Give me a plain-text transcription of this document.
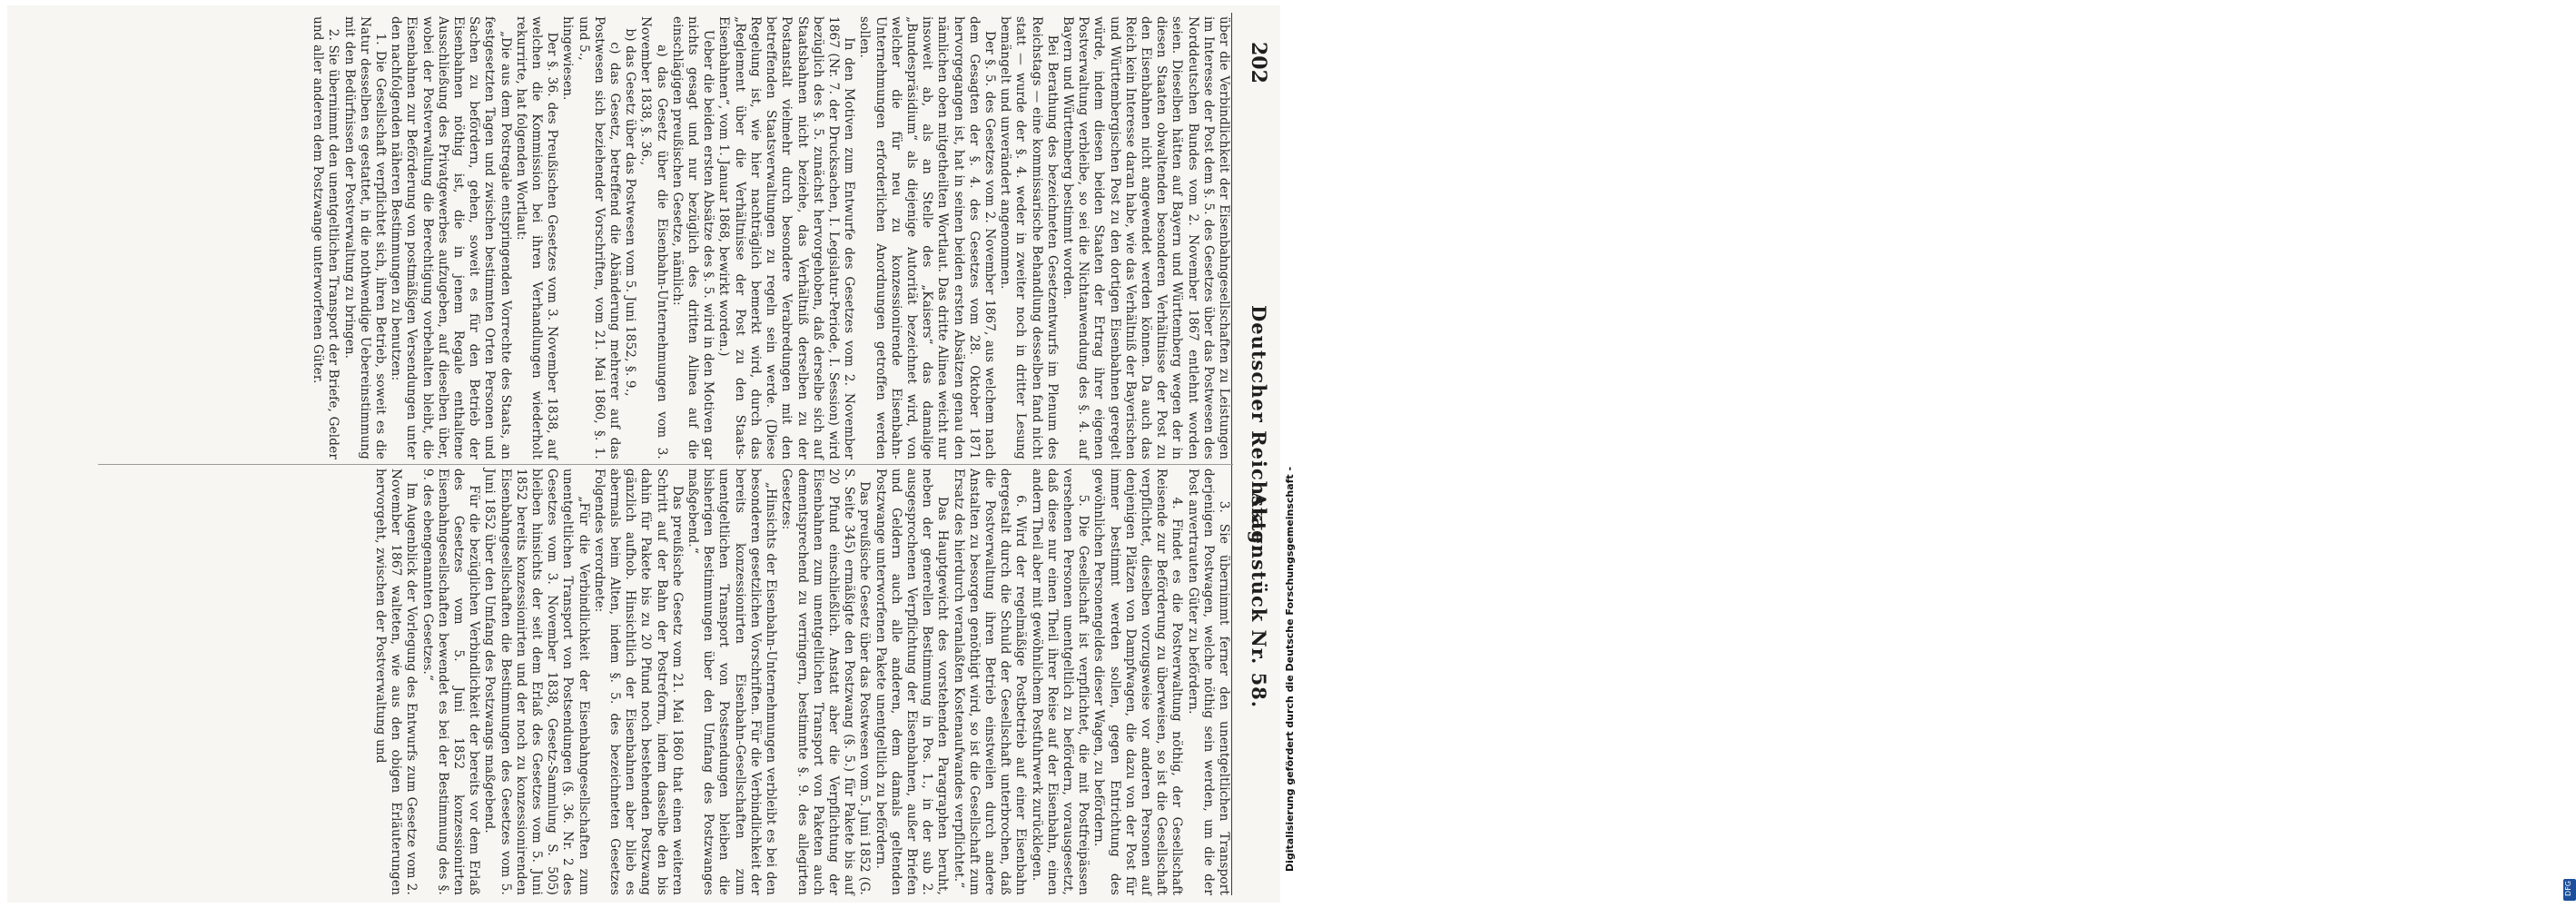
202
Deutscher Reichstag.
Aktenstück Nr. 58.
über die Verbindlichkeit der Eisenbahngesellschaften zu Leistungen im Interesse der Post dem §. 5. des Gesetzes über das Postwesen des Norddeutschen Bundes vom 2. November 1867 entlehnt worden seien. Dieselben hätten auf Bayern und Württemberg wegen der in diesen Staaten obwaltenden besonderen Verhältnisse der Post zu den Eisenbahnen nicht angewendet werden können. Da auch das Reich kein Interesse daran habe, wie das Verhältniß der Bayerischen und Württembergischen Post zu den dortigen Eisenbahnen geregelt würde, indem diesen beiden Staaten der Ertrag ihrer eigenen Postverwaltung verbleibe, so sei die Nichtanwendung des §. 4. auf Bayern und Württemberg bestimmt worden.
Bei Berathung des bezeichneten Gesetzentwurfs im Plenum des Reichstags — eine kommissarische Behandlung desselben fand nicht statt — wurde der §. 4. weder in zweiter noch in dritter Lesung bemängelt und unverändert angenommen.
Der §. 5. des Gesetzes vom 2. November 1867, aus welchem nach dem Gesagten der §. 4. des Gesetzes vom 28. Oktober 1871 hervorgegangen ist, hat in seinen beiden ersten Absätzen genau den nämlichen oben mitgetheilten Wortlaut. Das dritte Alinea weicht nur insoweit ab, als an Stelle des „Kaisers“ das damalige „Bundespräsidium“ als diejenige Autorität bezeichnet wird, von welcher die für neu zu konzessionirende Eisenbahn-Unternehmungen erforderlichen Anordnungen getroffen werden sollen.
In den Motiven zum Entwurfe des Gesetzes vom 2. November 1867 (Nr. 7. der Drucksachen, I. Legislatur-Periode, I. Session) wird bezüglich des §. 5. zunächst hervorgehoben, daß derselbe sich auf Staatsbahnen nicht beziehe, das Verhältniß derselben zu der Postanstalt vielmehr durch besondere Verabredungen mit den betreffenden Staatsverwaltungen zu regeln sein werde. (Diese Regelung ist, wie hier nachträglich bemerkt wird, durch das „Reglement über die Verhältnisse der Post zu den Staats-Eisenbahnen“, vom 1. Januar 1868, bewirkt worden.)
Ueber die beiden ersten Absätze des §. 5. wird in den Motiven gar nichts gesagt und nur bezüglich des dritten Alinea auf die einschlägigen preußischen Gesetze, nämlich:
a) das Gesetz über die Eisenbahn-Unternehmungen vom 3. November 1838, §. 36.,
b) das Gesetz über das Postwesen vom 5. Juni 1852, §. 9.,
c) das Gesetz, betreffend die Abänderung mehrerer auf das Postwesen sich beziehender Vorschriften, vom 21. Mai 1860, §. 1. und 5.,
hingewiesen.
Der §. 36. des Preußischen Gesetzes vom 3. November 1838, auf welchen die Kommission bei ihren Verhandlungen wiederholt rekurrirte, hat folgenden Wortlaut:
„Die aus dem Postregale entspringenden Vorrechte des Staats, an festgesetzten Tagen und zwischen bestimmten Orten Personen und Sachen zu befördern, gehen, soweit es für den Betrieb der Eisenbahnen nöthig ist, die in jenem Regale enthaltene Ausschließung des Privatgewerbes aufzugeben, auf dieselben über, wobei der Postverwaltung die Berechtigung vorbehalten bleibt, die Eisenbahnen zur Beförderung von postmäßigen Versendungen unter den nachfolgenden näheren Bestimmungen zu benutzen:
1. Die Gesellschaft verpflichtet sich, ihren Betrieb, soweit es die Natur desselben es gestattet, in die nothwendige Uebereinstimmung mit den Bedürfnissen der Postverwaltung zu bringen.
2. Sie übernimmt den unentgeltlichen Transport der Briefe, Gelder und aller anderen dem Postzwange unterworfenen Güter.
3. Sie übernimmt ferner den unentgeltlichen Transport derjenigen Postwagen, welche nöthig sein werden, um die der Post anvertrauten Güter zu befördern.
4. Findet es die Postverwaltung nöthig, der Gesellschaft Reisende zur Beförderung zu überweisen, so ist die Gesellschaft verpflichtet, dieselben vorzugsweise vor anderen Personen auf denjenigen Plätzen von Dampfwagen, die dazu von der Post für immer bestimmt werden sollen, gegen Entrichtung des gewöhnlichen Personengeldes dieser Wagen, zu befördern.
5. Die Gesellschaft ist verpflichtet, die mit Postfreipässen versehenen Personen unentgeltlich zu befördern, vorausgesetzt, daß diese nur einen Theil ihrer Reise auf der Eisenbahn, einen andern Theil aber mit gewöhnlichem Postfuhrwerk zurücklegen.
6. Wird der regelmäßige Postbetrieb auf einer Eisenbahn dergestalt durch die Schuld der Gesellschaft unterbrochen, daß die Postverwaltung ihren Betrieb einstweilen durch andere Anstalten zu besorgen genöthigt wird, so ist die Gesellschaft zum Ersatz des hierdurch veranlaßten Kostenaufwandes verpflichtet.“
Das Hauptgewicht des vorstehenden Paragraphen beruht, neben der generellen Bestimmung in Pos. 1., in der sub 2. ausgesprochenen Verpflichtung der Eisenbahnen, außer Briefen und Geldern auch alle anderen, dem damals geltenden Postzwange unterworfenen Pakete unentgeltlich zu befördern.
Das preußische Gesetz über das Postwesen vom 5. Juni 1852 (G. S. Seite 345) ermäßigte den Postzwang (§. 5.) für Pakete bis auf 20 Pfund einschließlich. Anstatt aber die Verpflichtung der Eisenbahnen zum unentgeltlichen Transport von Paketen auch dementsprechend zu verringern, bestimmte §. 9. des allegirten Gesetzes:
„Hinsichts der Eisenbahn-Unternehmungen verbleibt es bei den besonderen gesetzlichen Vorschriften. Für die Verbindlichkeit der bereits konzessionirten Eisenbahn-Gesellschaften zum unentgeltlichen Transport von Postsendungen bleiben die bisherigen Bestimmungen über den Umfang des Postzwanges maßgebend.“
Das preußische Gesetz vom 21. Mai 1860 that einen weiteren Schritt auf der Bahn der Postreform, indem dasselbe den bis dahin für Pakete bis zu 20 Pfund noch bestehenden Postzwang gänzlich aufhob. Hinsichtlich der Eisenbahnen aber blieb es abermals beim Alten, indem §. 5. des bezeichneten Gesetzes Folgendes verordnete:
„Für die Verbindlichkeit der Eisenbahngesellschaften zum unentgeltlichen Transport von Postsendungen (§. 36. Nr. 2 des Gesetzes vom 3. November 1838, Gesetz-Sammlung S. 505) bleiben hinsichts der seit dem Erlaß des Gesetzes vom 5. Juni 1852 bereits konzessionirten und der noch zu konzessionirenden Eisenbahngesellschaften die Bestimmungen des Gesetzes vom 5. Juni 1852 über den Umfang des Postzwangs maßgebend.
Für die bezüglichen Verbindlichkeit der bereits vor dem Erlaß des Gesetzes vom 5. Juni 1852 konzessionirten Eisenbahngesellschaften bewendet es bei der Bestimmung des §. 9. des ebengenannten Gesetzes.“
Im Augenblick der Vorlegung des Entwurfs zum Gesetze vom 2. November 1867 walteten, wie aus den obigen Erläuterungen hervorgeht, zwischen der Postverwaltung und	Digitalisierung gefördert durch die Deutsche Forschungsgemeinschaft -
DFG
